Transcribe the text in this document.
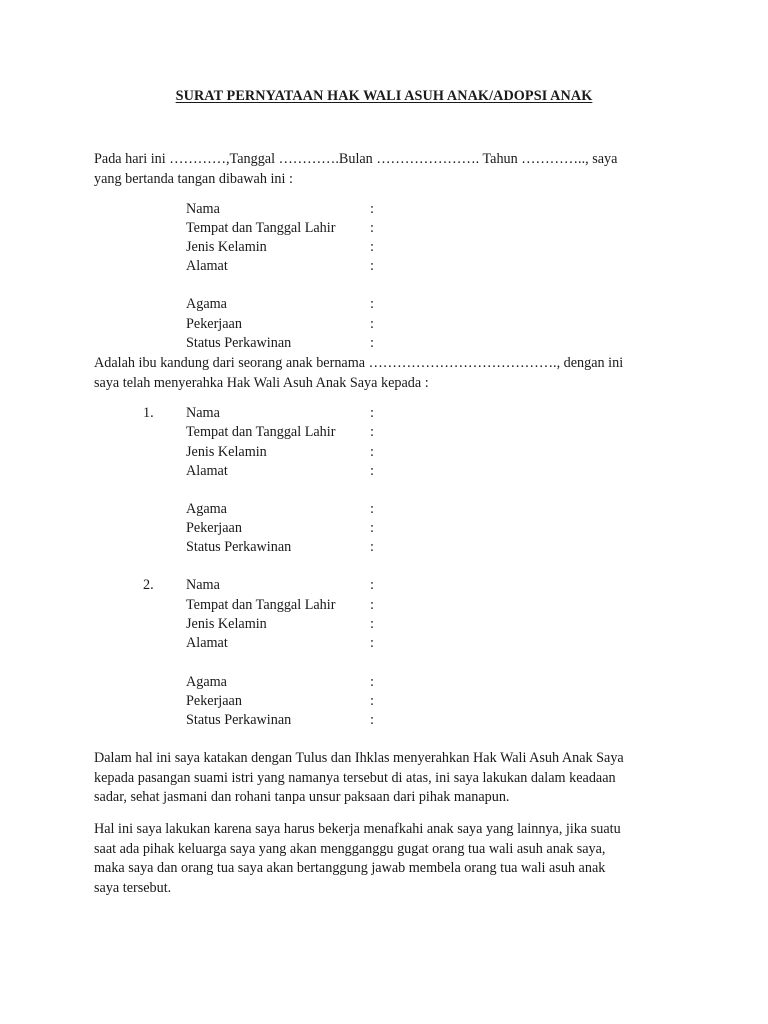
SURAT PERNYATAAN HAK WALI ASUH ANAK/ADOPSI ANAK

Pada hari ini …………,Tanggal ………….Bulan …………………. Tahun ………….., saya
yang bertanda tangan dibawah ini :

Nama	:
Tempat dan Tanggal Lahir :
Jenis Kelamin	:
Alamat	:
Agama	:
Pekerjaan	:
Status Perkawinan	:

Adalah ibu kandung dari seorang anak bernama …………………………………., dengan ini
saya telah menyerahka Hak Wali Asuh Anak Saya kepada :

1. Nama	:
Tempat dan Tanggal Lahir :
Jenis Kelamin	:
Alamat	:
Agama	:
Pekerjaan	:
Status Perkawinan	:
2. Nama	:
Tempat dan Tanggal Lahir :
Jenis Kelamin	:
Alamat	:
Agama	:
Pekerjaan	:
Status Perkawinan	:

Dalam hal ini saya katakan dengan Tulus dan Ihklas menyerahkan Hak Wali Asuh Anak Saya
kepada pasangan suami istri yang namanya tersebut di atas, ini saya lakukan dalam keadaan
sadar, sehat jasmani dan rohani tanpa unsur paksaan dari pihak manapun.

Hal ini saya lakukan karena saya harus bekerja menafkahi anak saya yang lainnya, jika suatu
saat ada pihak keluarga saya yang akan mengganggu gugat orang tua wali asuh anak saya,
maka saya dan orang tua saya akan bertanggung jawab membela orang tua wali asuh anak
saya tersebut.
